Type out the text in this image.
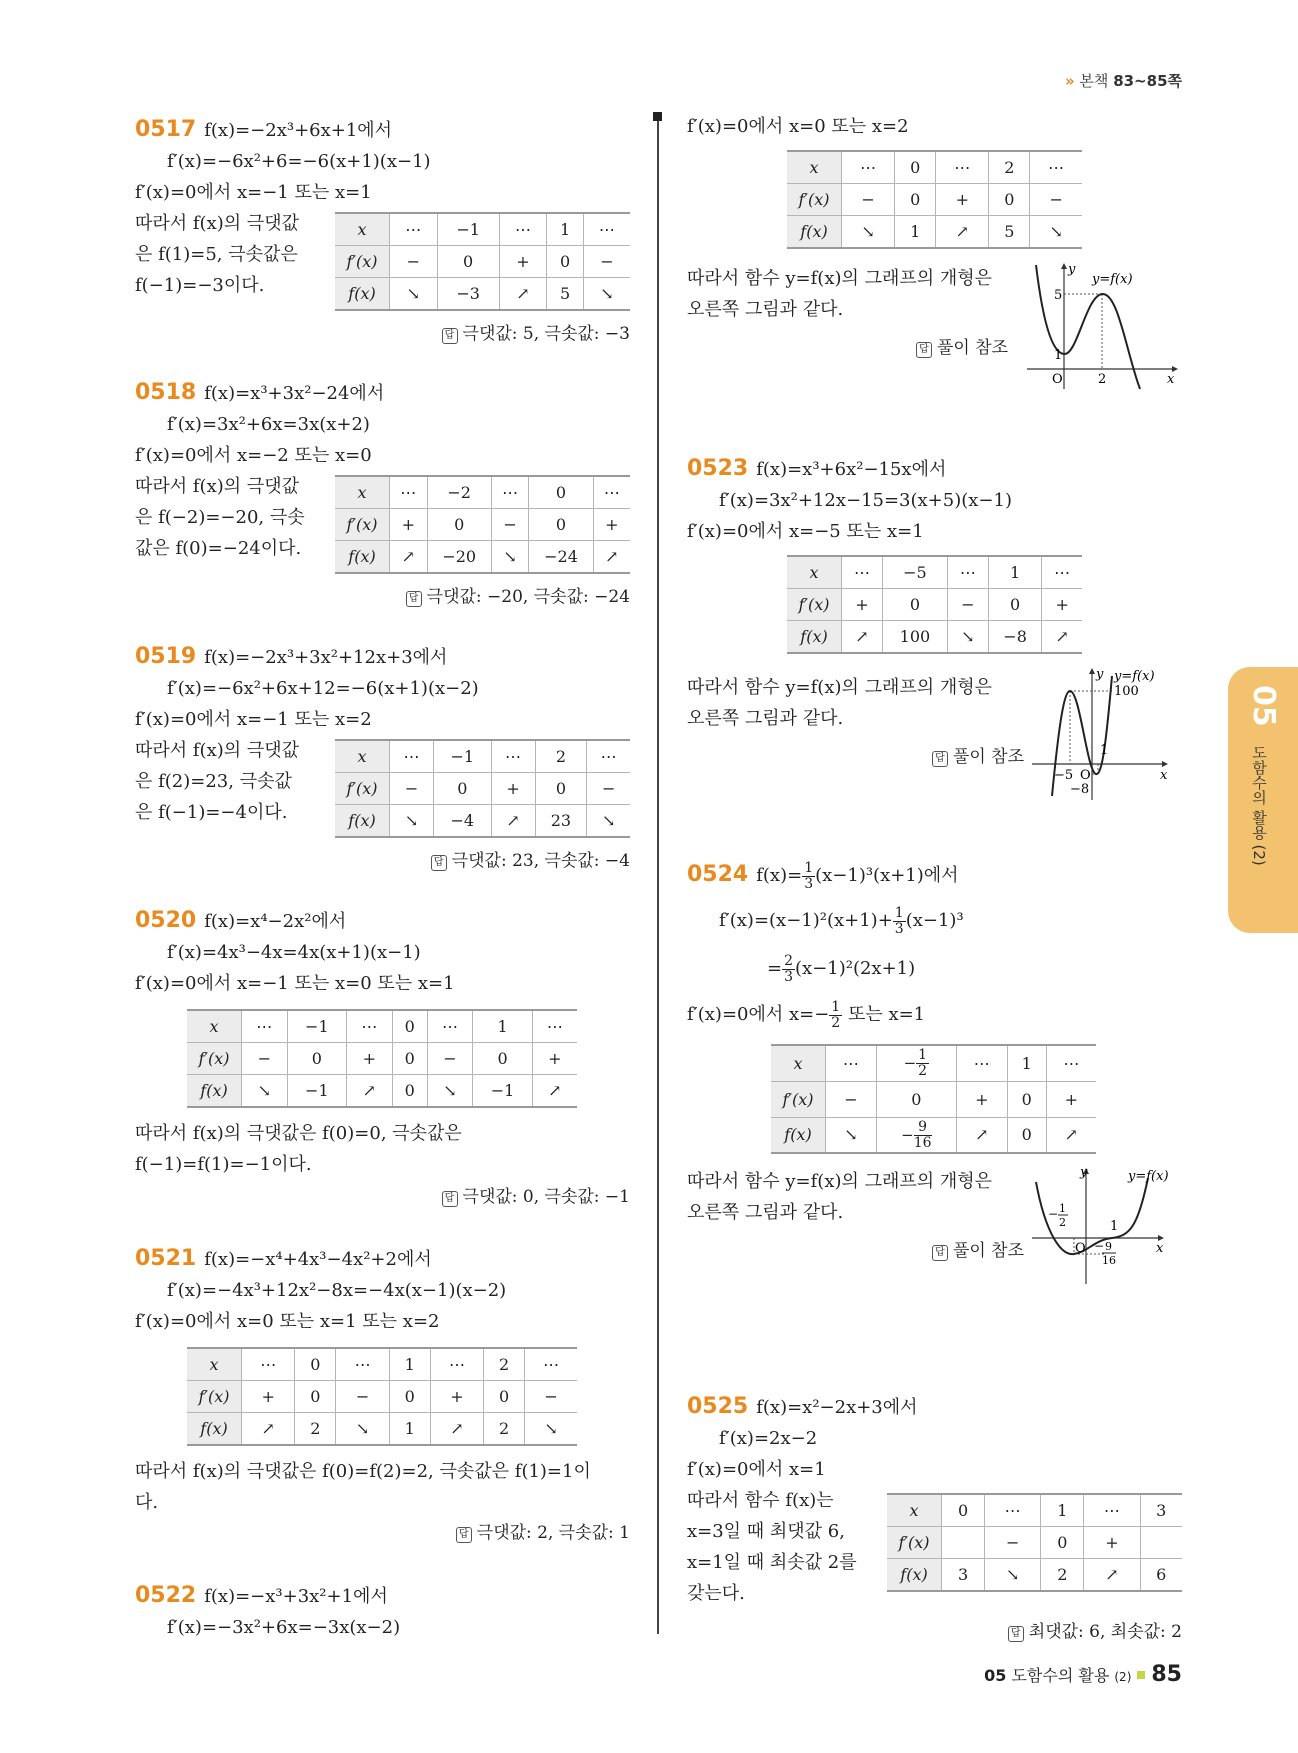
» 본책 83~85쪽
0517 f(x)=−2x³+6x+1에서
f′(x)=−6x²+6=−6(x+1)(x−1)
f′(x)=0에서 x=−1 또는 x=1
따라서 f(x)의 극댓값
은 f(1)=5, 극솟값은
f(−1)=−3이다.
x	⋯	−1	⋯	1	⋯
f′(x)	−	0	+	0	−
f(x)	↘	−3	↗	5	↘
답 극댓값: 5, 극솟값: −3
0518 f(x)=x³+3x²−24에서
f′(x)=3x²+6x=3x(x+2)
f′(x)=0에서 x=−2 또는 x=0
따라서 f(x)의 극댓값
은 f(−2)=−20, 극솟
값은 f(0)=−24이다.
x	⋯	−2	⋯	0	⋯
f′(x)	+	0	−	0	+
f(x)	↗	−20	↘	−24	↗
답 극댓값: −20, 극솟값: −24
0519 f(x)=−2x³+3x²+12x+3에서
f′(x)=−6x²+6x+12=−6(x+1)(x−2)
f′(x)=0에서 x=−1 또는 x=2
따라서 f(x)의 극댓값
은 f(2)=23, 극솟값
은 f(−1)=−4이다.
x	⋯	−1	⋯	2	⋯
f′(x)	−	0	+	0	−
f(x)	↘	−4	↗	23	↘
답 극댓값: 23, 극솟값: −4
0520 f(x)=x⁴−2x²에서
f′(x)=4x³−4x=4x(x+1)(x−1)
f′(x)=0에서 x=−1 또는 x=0 또는 x=1
x	⋯	−1	⋯	0	⋯	1	⋯
f′(x)	−	0	+	0	−	0	+
f(x)	↘	−1	↗	0	↘	−1	↗
따라서 f(x)의 극댓값은 f(0)=0, 극솟값은
f(−1)=f(1)=−1이다.
답 극댓값: 0, 극솟값: −1
0521 f(x)=−x⁴+4x³−4x²+2에서
f′(x)=−4x³+12x²−8x=−4x(x−1)(x−2)
f′(x)=0에서 x=0 또는 x=1 또는 x=2
x	⋯	0	⋯	1	⋯	2	⋯
f′(x)	+	0	−	0	+	0	−
f(x)	↗	2	↘	1	↗	2	↘
따라서 f(x)의 극댓값은 f(0)=f(2)=2, 극솟값은 f(1)=1이
다.
답 극댓값: 2, 극솟값: 1
0522 f(x)=−x³+3x²+1에서
f′(x)=−3x²+6x=−3x(x−2)
f′(x)=0에서 x=0 또는 x=2
x	⋯	0	⋯	2	⋯
f′(x)	−	0	+	0	−
f(x)	↘	1	↗	5	↘
따라서 함수 y=f(x)의 그래프의 개형은
오른쪽 그림과 같다.
답 풀이 참조
y
y=f(x)
5
1
O	2	x
0523 f(x)=x³+6x²−15x에서
f′(x)=3x²+12x−15=3(x+5)(x−1)
f′(x)=0에서 x=−5 또는 x=1
x	⋯	−5	⋯	1	⋯
f′(x)	+	0	−	0	+
f(x)	↗	100	↘	−8	↗
따라서 함수 y=f(x)의 그래프의 개형은
오른쪽 그림과 같다.
답 풀이 참조
y y=f(x)
100
1
−5 O
−8
x
0524 $f(x)= \frac{1}{3} (x-1)^3(x+1)$에서
$f'(x)=(x-1)^2(x+1)+ \frac{1}{3} (x-1)^3$
= $\frac{2}{3} (x-1)^2(2x+1)$
f′(x)=0에서 $x=- \frac{1}{2}$ 또는 x=1
x	⋯	− $\frac{1}{2}$	⋯	1	⋯
f′(x)	−	0	+	0	+
f(x)	↘	− $\frac{9}{16}$	↗	0	↗
따라서 함수 y=f(x)의 그래프의 개형은
오른쪽 그림과 같다.
답 풀이 참조
y	y=f(x)
− 1
2	1
O − 9
16
x
0525 f(x)=x²−2x+3에서
f′(x)=2x−2
f′(x)=0에서 x=1
따라서 함수 f(x)는
x=3일 때 최댓값 6,
x=1일 때 최솟값 2를
갖는다.
x	0	⋯	1	⋯	3
f′(x)		−	0	+	
f(x)	3	↘	2	↗	6
답 최댓값: 6, 최솟값: 2
05
도함수의 활용 (2)
05 도함수의 활용 (2) 85
